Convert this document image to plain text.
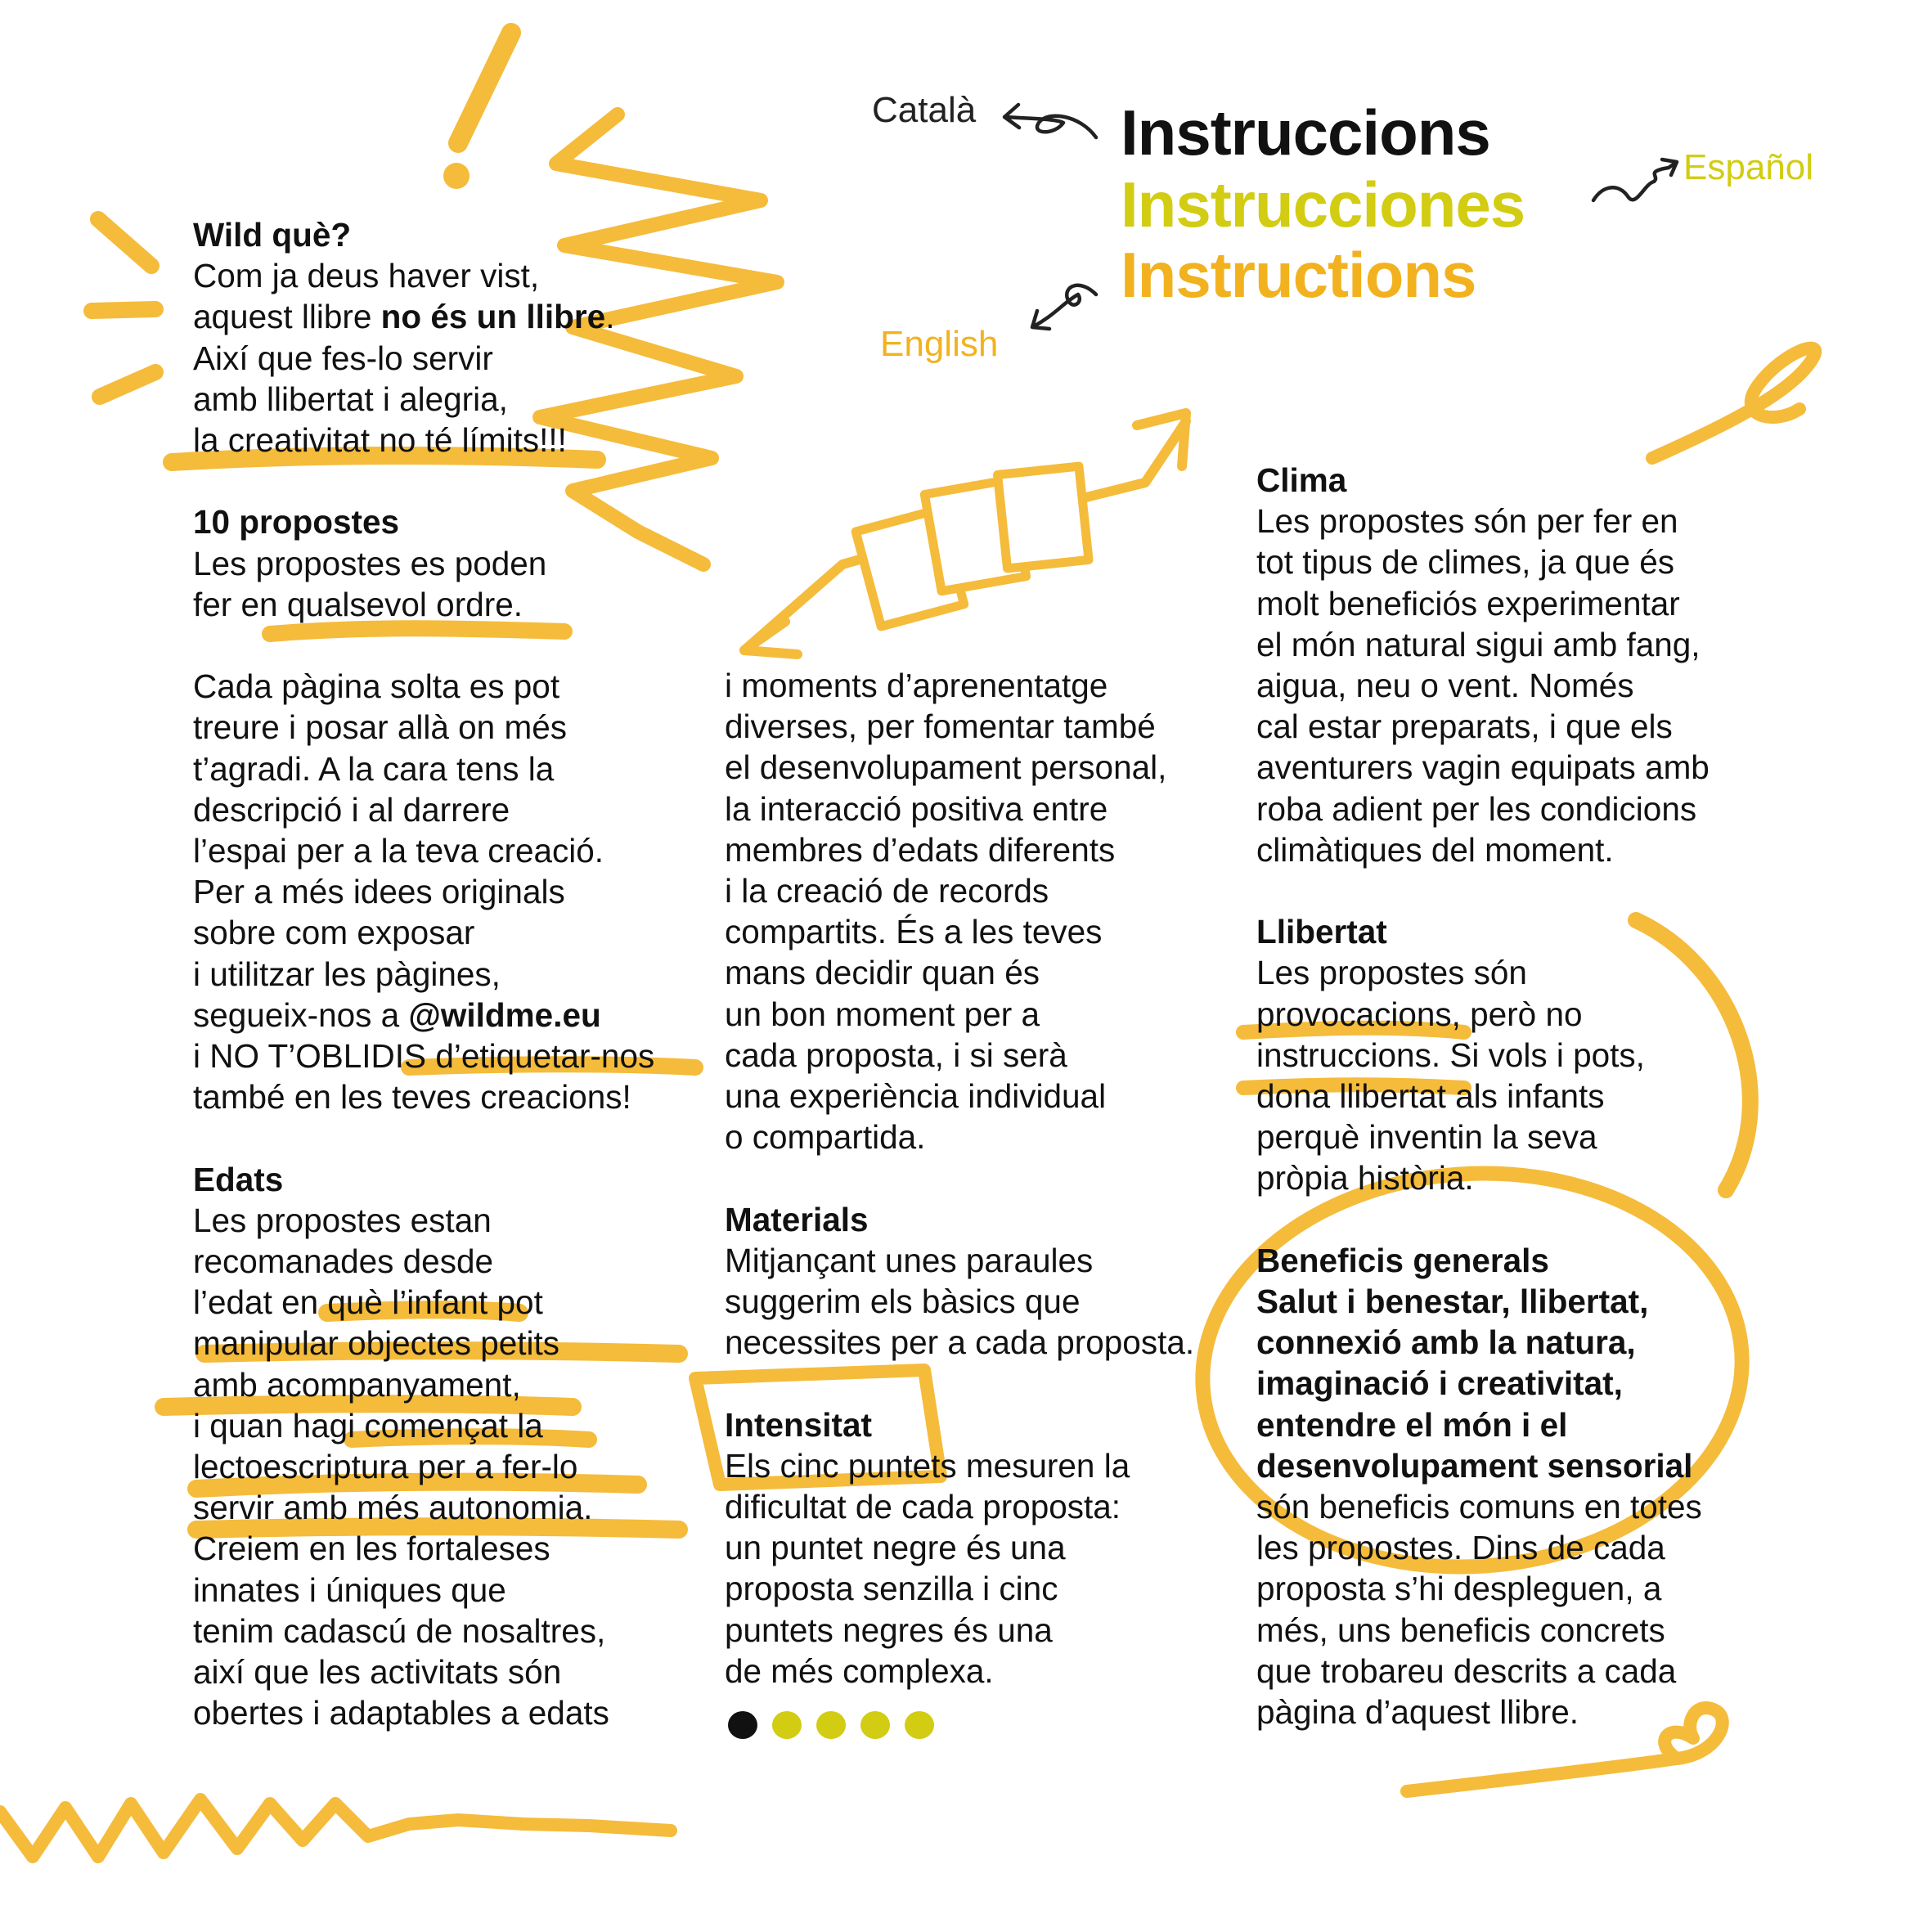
Català
Español
English
Instruccions
Instrucciones
Instructions

Wild què?
Com ja deus haver vist,
aquest llibre no és un llibre.
Així que fes-lo servir
amb llibertat i alegria,
la creativitat no té límits!!!

10 propostes
Les propostes es poden
fer en qualsevol ordre.

Cada pàgina solta es pot
treure i posar allà on més
t’agradi. A la cara tens la
descripció i al darrere
l’espai per a la teva creació.
Per a més idees originals
sobre com exposar
i utilitzar les pàgines,
segueix-nos a @wildme.eu
i NO T’OBLIDIS d’etiquetar-nos
també en les teves creacions!

Edats
Les propostes estan
recomanades desde
l’edat en què l’infant pot
manipular objectes petits
amb acompanyament,
i quan hagi començat la
lectoescriptura per a fer-lo
servir amb més autonomia.
Creiem en les fortaleses
innates i úniques que
tenim cadascú de nosaltres,
així que les activitats són
obertes i adaptables a edats

i moments d’aprenentatge
diverses, per fomentar també
el desenvolupament personal,
la interacció positiva entre
membres d’edats diferents
i la creació de records
compartits. És a les teves
mans decidir quan és
un bon moment per a
cada proposta, i si serà
una experiència individual
o compartida.

Materials
Mitjançant unes paraules
suggerim els bàsics que
necessites per a cada proposta.

Intensitat
Els cinc puntets mesuren la
dificultat de cada proposta:
un puntet negre és una
proposta senzilla i cinc
puntets negres és una
de més complexa.

Clima
Les propostes són per fer en
tot tipus de climes, ja que és
molt beneficiós experimentar
el món natural sigui amb fang,
aigua, neu o vent. Només
cal estar preparats, i que els
aventurers vagin equipats amb
roba adient per les condicions
climàtiques del moment.

Llibertat
Les propostes són
provocacions, però no
instruccions. Si vols i pots,
dona llibertat als infants
perquè inventin la seva
pròpia història.

Beneficis generals
Salut i benestar, llibertat,
connexió amb la natura,
imaginació i creativitat,
entendre el món i el
desenvolupament sensorial
són beneficis comuns en totes
les propostes. Dins de cada
proposta s’hi despleguen, a
més, uns beneficis concrets
que trobareu descrits a cada
pàgina d’aquest llibre.
